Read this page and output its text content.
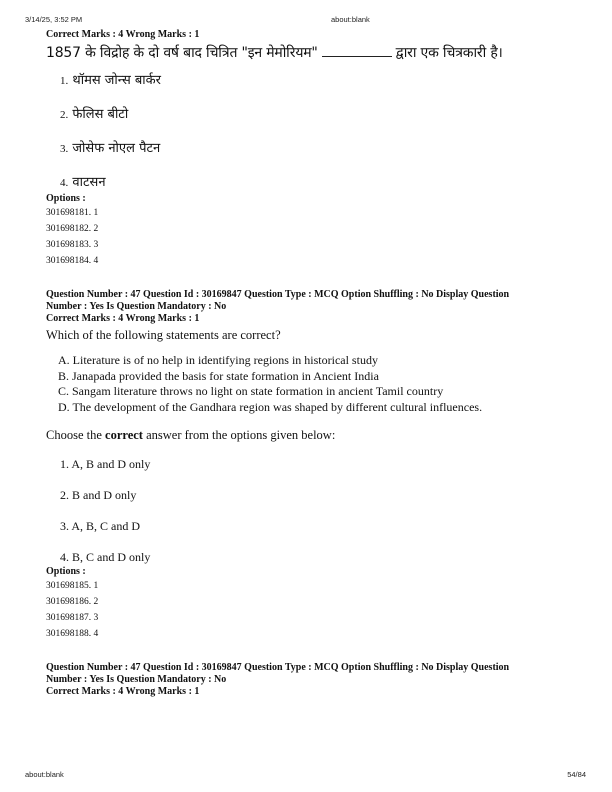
3/14/25, 3:52 PM	about:blank
Correct Marks : 4 Wrong Marks : 1
1857 के विद्रोह के दो वर्ष बाद चित्रित "इन मेमोरियम"	द्वारा एक चित्रकारी है।
1. थॉमस जोन्स बार्कर
2. फेलिस बीटो
3. जोसेफ नोएल पैटन
4. वाटसन
Options :
301698181. 1
301698182. 2
301698183. 3
301698184. 4
Question Number : 47 Question Id : 30169847 Question Type : MCQ Option Shuffling : No Display Question
Number : Yes Is Question Mandatory : No
Correct Marks : 4 Wrong Marks : 1
Which of the following statements are correct?
A. Literature is of no help in identifying regions in historical study
B. Janapada provided the basis for state formation in Ancient India
C. Sangam literature throws no light on state formation in ancient Tamil country
D. The development of the Gandhara region was shaped by different cultural influences.
Choose the correct answer from the options given below:
1. A, B and D only
2. B and D only
3. A, B, C and D
4. B, C and D only
Options :
301698185. 1
301698186. 2
301698187. 3
301698188. 4
Question Number : 47 Question Id : 30169847 Question Type : MCQ Option Shuffling : No Display Question
Number : Yes Is Question Mandatory : No
Correct Marks : 4 Wrong Marks : 1
about:blank	54/84
